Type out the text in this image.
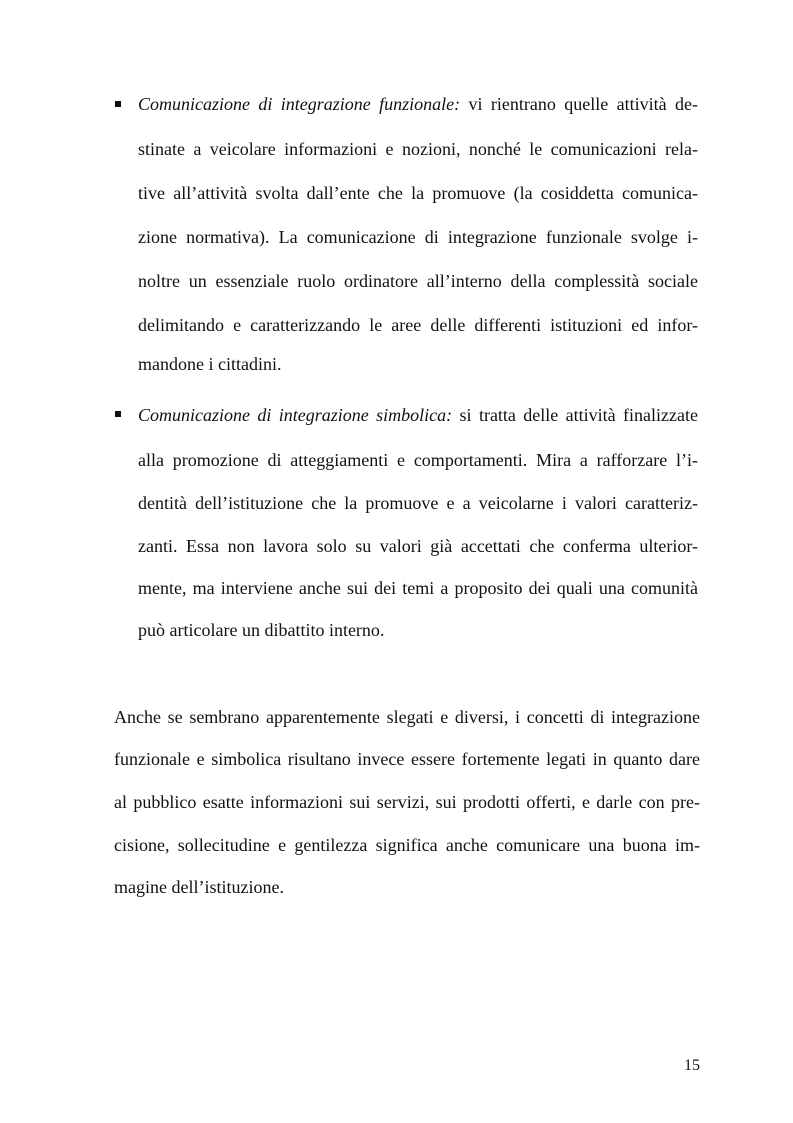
Comunicazione di integrazione funzionale: vi rientrano quelle attività de-
stinate a veicolare informazioni e nozioni, nonché le comunicazioni rela-
tive all’attività svolta dall’ente che la promuove (la cosiddetta comunica-
zione normativa). La comunicazione di integrazione funzionale svolge i-
noltre un essenziale ruolo ordinatore all’interno della complessità sociale
delimitando e caratterizzando le aree delle differenti istituzioni ed infor-
mandone i cittadini.
Comunicazione di integrazione simbolica: si tratta delle attività finalizzate
alla promozione di atteggiamenti e comportamenti. Mira a rafforzare l’i-
dentità dell’istituzione che la promuove e a veicolarne i valori caratteriz-
zanti. Essa non lavora solo su valori già accettati che conferma ulterior-
mente, ma interviene anche sui dei temi a proposito dei quali una comunità
può articolare un dibattito interno.
Anche se sembrano apparentemente slegati e diversi, i concetti di integrazione
funzionale e simbolica risultano invece essere fortemente legati in quanto dare
al pubblico esatte informazioni sui servizi, sui prodotti offerti, e darle con pre-
cisione, sollecitudine e gentilezza significa anche comunicare una buona im-
magine dell’istituzione.
15
